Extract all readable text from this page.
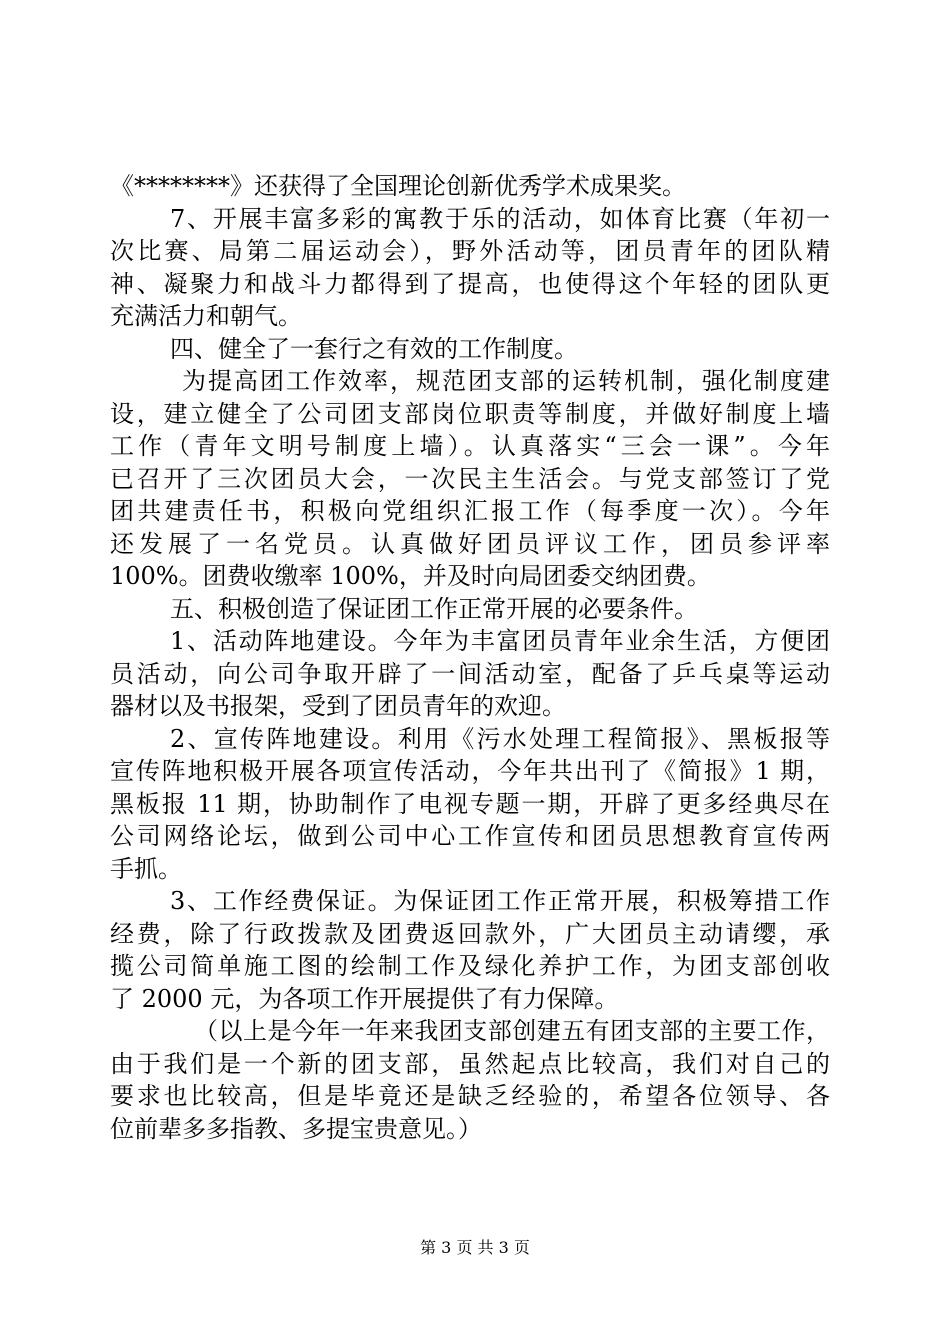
《********》还获得了全国理论创新优秀学术成果奖。
7、开展丰富多彩的寓教于乐的活动，如体育比赛（年初一
次比赛、局第二届运动会），野外活动等，团员青年的团队精
神、凝聚力和战斗力都得到了提高，也使得这个年轻的团队更
充满活力和朝气。
四、健全了一套行之有效的工作制度。
为提高团工作效率，规范团支部的运转机制，强化制度建
设，建立健全了公司团支部岗位职责等制度，并做好制度上墙
工作（青年文明号制度上墙）。认真落实“三会一课”。今年
已召开了三次团员大会，一次民主生活会。与党支部签订了党
团共建责任书，积极向党组织汇报工作（每季度一次）。今年
还发展了一名党员。认真做好团员评议工作，团员参评率
100%。团费收缴率 100%，并及时向局团委交纳团费。
五、积极创造了保证团工作正常开展的必要条件。
1、活动阵地建设。今年为丰富团员青年业余生活，方便团
员活动，向公司争取开辟了一间活动室，配备了乒乓桌等运动
器材以及书报架，受到了团员青年的欢迎。
2、宣传阵地建设。利用《污水处理工程简报》、黑板报等
宣传阵地积极开展各项宣传活动，今年共出刊了《简报》1 期，
黑板报 11 期，协助制作了电视专题一期，开辟了更多经典尽在
公司网络论坛，做到公司中心工作宣传和团员思想教育宣传两
手抓。
3、工作经费保证。为保证团工作正常开展，积极筹措工作
经费，除了行政拨款及团费返回款外，广大团员主动请缨，承
揽公司简单施工图的绘制工作及绿化养护工作，为团支部创收
了 2000 元，为各项工作开展提供了有力保障。
（以上是今年一年来我团支部创建五有团支部的主要工作，
由于我们是一个新的团支部，虽然起点比较高，我们对自己的
要求也比较高，但是毕竟还是缺乏经验的，希望各位领导、各
位前辈多多指教、多提宝贵意见。）
第 3 页 共 3 页
